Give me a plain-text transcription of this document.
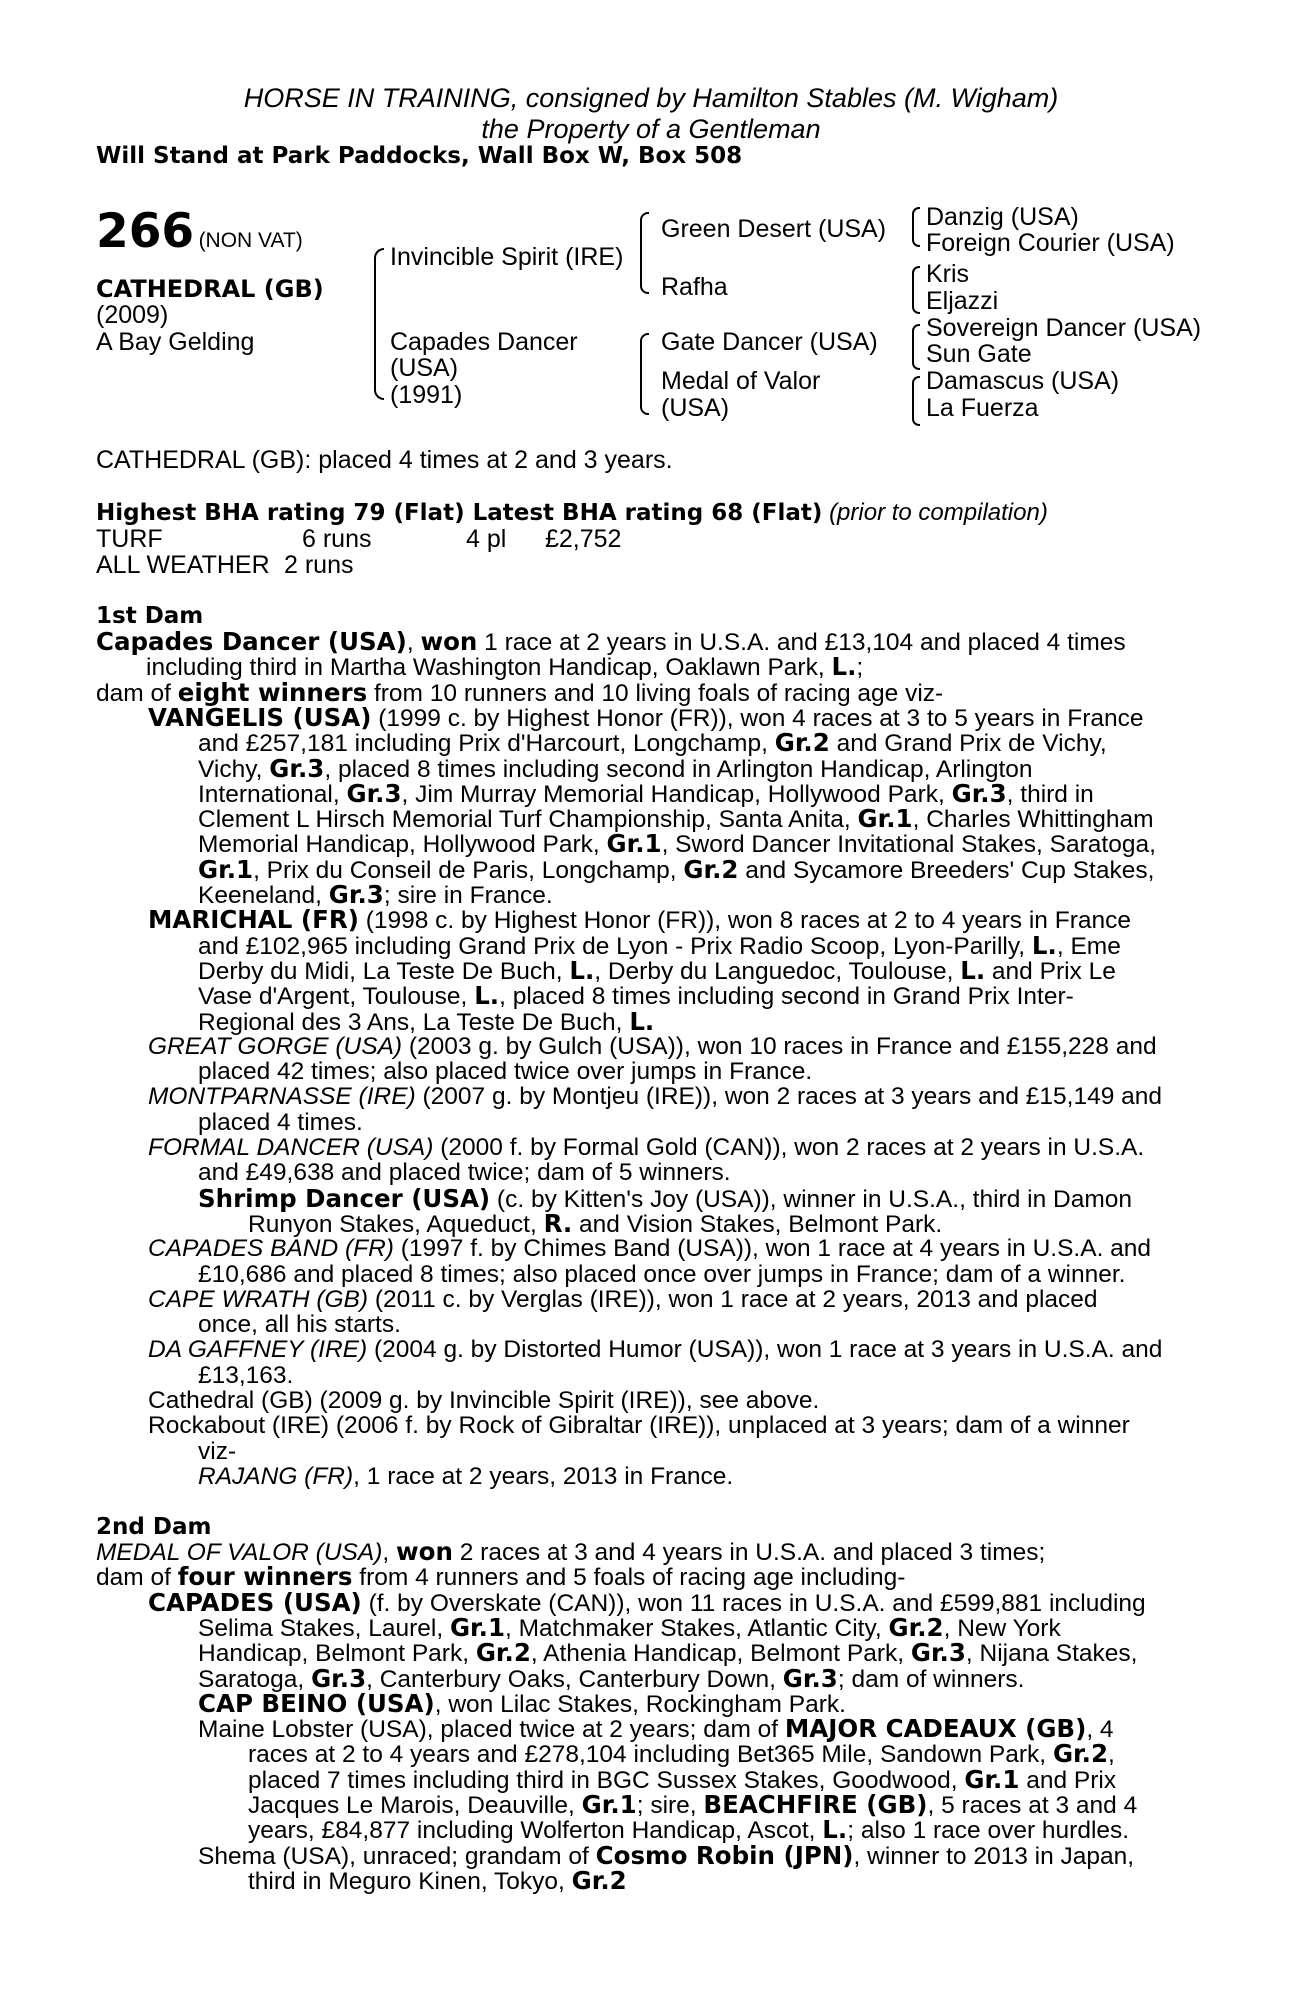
HORSE IN TRAINING, consigned by Hamilton Stables (M. Wigham)
the Property of a Gentleman
Will Stand at Park Paddocks, Wall Box W, Box 508
266 (NON VAT)
CATHEDRAL (GB)
(2009)
A Bay Gelding
Invincible Spirit (IRE)
Capades Dancer
(USA)
(1991)
Green Desert (USA)
Rafha
Gate Dancer (USA)
Medal of Valor
(USA)
Danzig (USA)
Foreign Courier (USA)
Kris
Eljazzi
Sovereign Dancer (USA)
Sun Gate
Damascus (USA)
La Fuerza
CATHEDRAL (GB): placed 4 times at 2 and 3 years.
Highest BHA rating 79 (Flat) Latest BHA rating 68 (Flat) (prior to compilation)
TURF	6 runs	4 pl £2,752
ALL WEATHER 2 runs
1st Dam
Capades Dancer (USA), won 1 race at 2 years in U.S.A. and £13,104 and placed 4 times
including third in Martha Washington Handicap, Oaklawn Park, L.;
dam of eight winners from 10 runners and 10 living foals of racing age viz-
VANGELIS (USA) (1999 c. by Highest Honor (FR)), won 4 races at 3 to 5 years in France
and £257,181 including Prix d'Harcourt, Longchamp, Gr.2 and Grand Prix de Vichy,
Vichy, Gr.3, placed 8 times including second in Arlington Handicap, Arlington
International, Gr.3, Jim Murray Memorial Handicap, Hollywood Park, Gr.3, third in
Clement L Hirsch Memorial Turf Championship, Santa Anita, Gr.1, Charles Whittingham
Memorial Handicap, Hollywood Park, Gr.1, Sword Dancer Invitational Stakes, Saratoga,
Gr.1, Prix du Conseil de Paris, Longchamp, Gr.2 and Sycamore Breeders' Cup Stakes,
Keeneland, Gr.3; sire in France.
MARICHAL (FR) (1998 c. by Highest Honor (FR)), won 8 races at 2 to 4 years in France
and £102,965 including Grand Prix de Lyon - Prix Radio Scoop, Lyon-Parilly, L., Eme
Derby du Midi, La Teste De Buch, L., Derby du Languedoc, Toulouse, L. and Prix Le
Vase d'Argent, Toulouse, L., placed 8 times including second in Grand Prix Inter-
Regional des 3 Ans, La Teste De Buch, L.
GREAT GORGE (USA) (2003 g. by Gulch (USA)), won 10 races in France and £155,228 and
placed 42 times; also placed twice over jumps in France.
MONTPARNASSE (IRE) (2007 g. by Montjeu (IRE)), won 2 races at 3 years and £15,149 and
placed 4 times.
FORMAL DANCER (USA) (2000 f. by Formal Gold (CAN)), won 2 races at 2 years in U.S.A.
and £49,638 and placed twice; dam of 5 winners.
Shrimp Dancer (USA) (c. by Kitten's Joy (USA)), winner in U.S.A., third in Damon
Runyon Stakes, Aqueduct, R. and Vision Stakes, Belmont Park.
CAPADES BAND (FR) (1997 f. by Chimes Band (USA)), won 1 race at 4 years in U.S.A. and
£10,686 and placed 8 times; also placed once over jumps in France; dam of a winner.
CAPE WRATH (GB) (2011 c. by Verglas (IRE)), won 1 race at 2 years, 2013 and placed
once, all his starts.
DA GAFFNEY (IRE) (2004 g. by Distorted Humor (USA)), won 1 race at 3 years in U.S.A. and
£13,163.
Cathedral (GB) (2009 g. by Invincible Spirit (IRE)), see above.
Rockabout (IRE) (2006 f. by Rock of Gibraltar (IRE)), unplaced at 3 years; dam of a winner
viz-
RAJANG (FR), 1 race at 2 years, 2013 in France.
2nd Dam
MEDAL OF VALOR (USA), won 2 races at 3 and 4 years in U.S.A. and placed 3 times;
dam of four winners from 4 runners and 5 foals of racing age including-
CAPADES (USA) (f. by Overskate (CAN)), won 11 races in U.S.A. and £599,881 including
Selima Stakes, Laurel, Gr.1, Matchmaker Stakes, Atlantic City, Gr.2, New York
Handicap, Belmont Park, Gr.2, Athenia Handicap, Belmont Park, Gr.3, Nijana Stakes,
Saratoga, Gr.3, Canterbury Oaks, Canterbury Down, Gr.3; dam of winners.
CAP BEINO (USA), won Lilac Stakes, Rockingham Park.
Maine Lobster (USA), placed twice at 2 years; dam of MAJOR CADEAUX (GB), 4
races at 2 to 4 years and £278,104 including Bet365 Mile, Sandown Park, Gr.2,
placed 7 times including third in BGC Sussex Stakes, Goodwood, Gr.1 and Prix
Jacques Le Marois, Deauville, Gr.1; sire, BEACHFIRE (GB), 5 races at 3 and 4
years, £84,877 including Wolferton Handicap, Ascot, L.; also 1 race over hurdles.
Shema (USA), unraced; grandam of Cosmo Robin (JPN), winner to 2013 in Japan,
third in Meguro Kinen, Tokyo, Gr.2
